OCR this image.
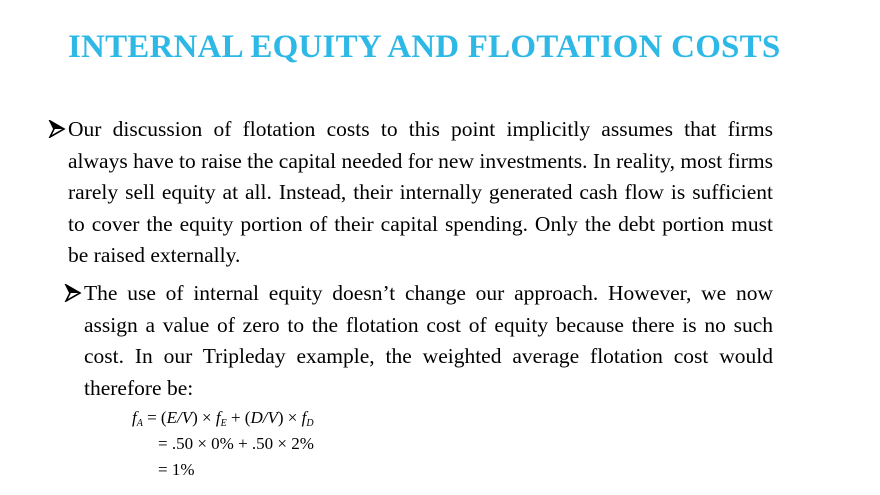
INTERNAL EQUITY AND FLOTATION COSTS
Our discussion of flotation costs to this point implicitly assumes that firms always have to raise the capital needed for new investments. In reality, most firms rarely sell equity at all. Instead, their internally generated cash flow is sufficient to cover the equity portion of their capital spending. Only the debt portion must be raised externally.
The use of internal equity doesn’t change our approach. However, we now assign a value of zero to the flotation cost of equity because there is no such cost. In our Tripleday example, the weighted average flotation cost would therefore be:
$f_A = (E/V) \times f_E + (D/V) \times f_D$
= .50 × 0% + .50 × 2%
= 1%
